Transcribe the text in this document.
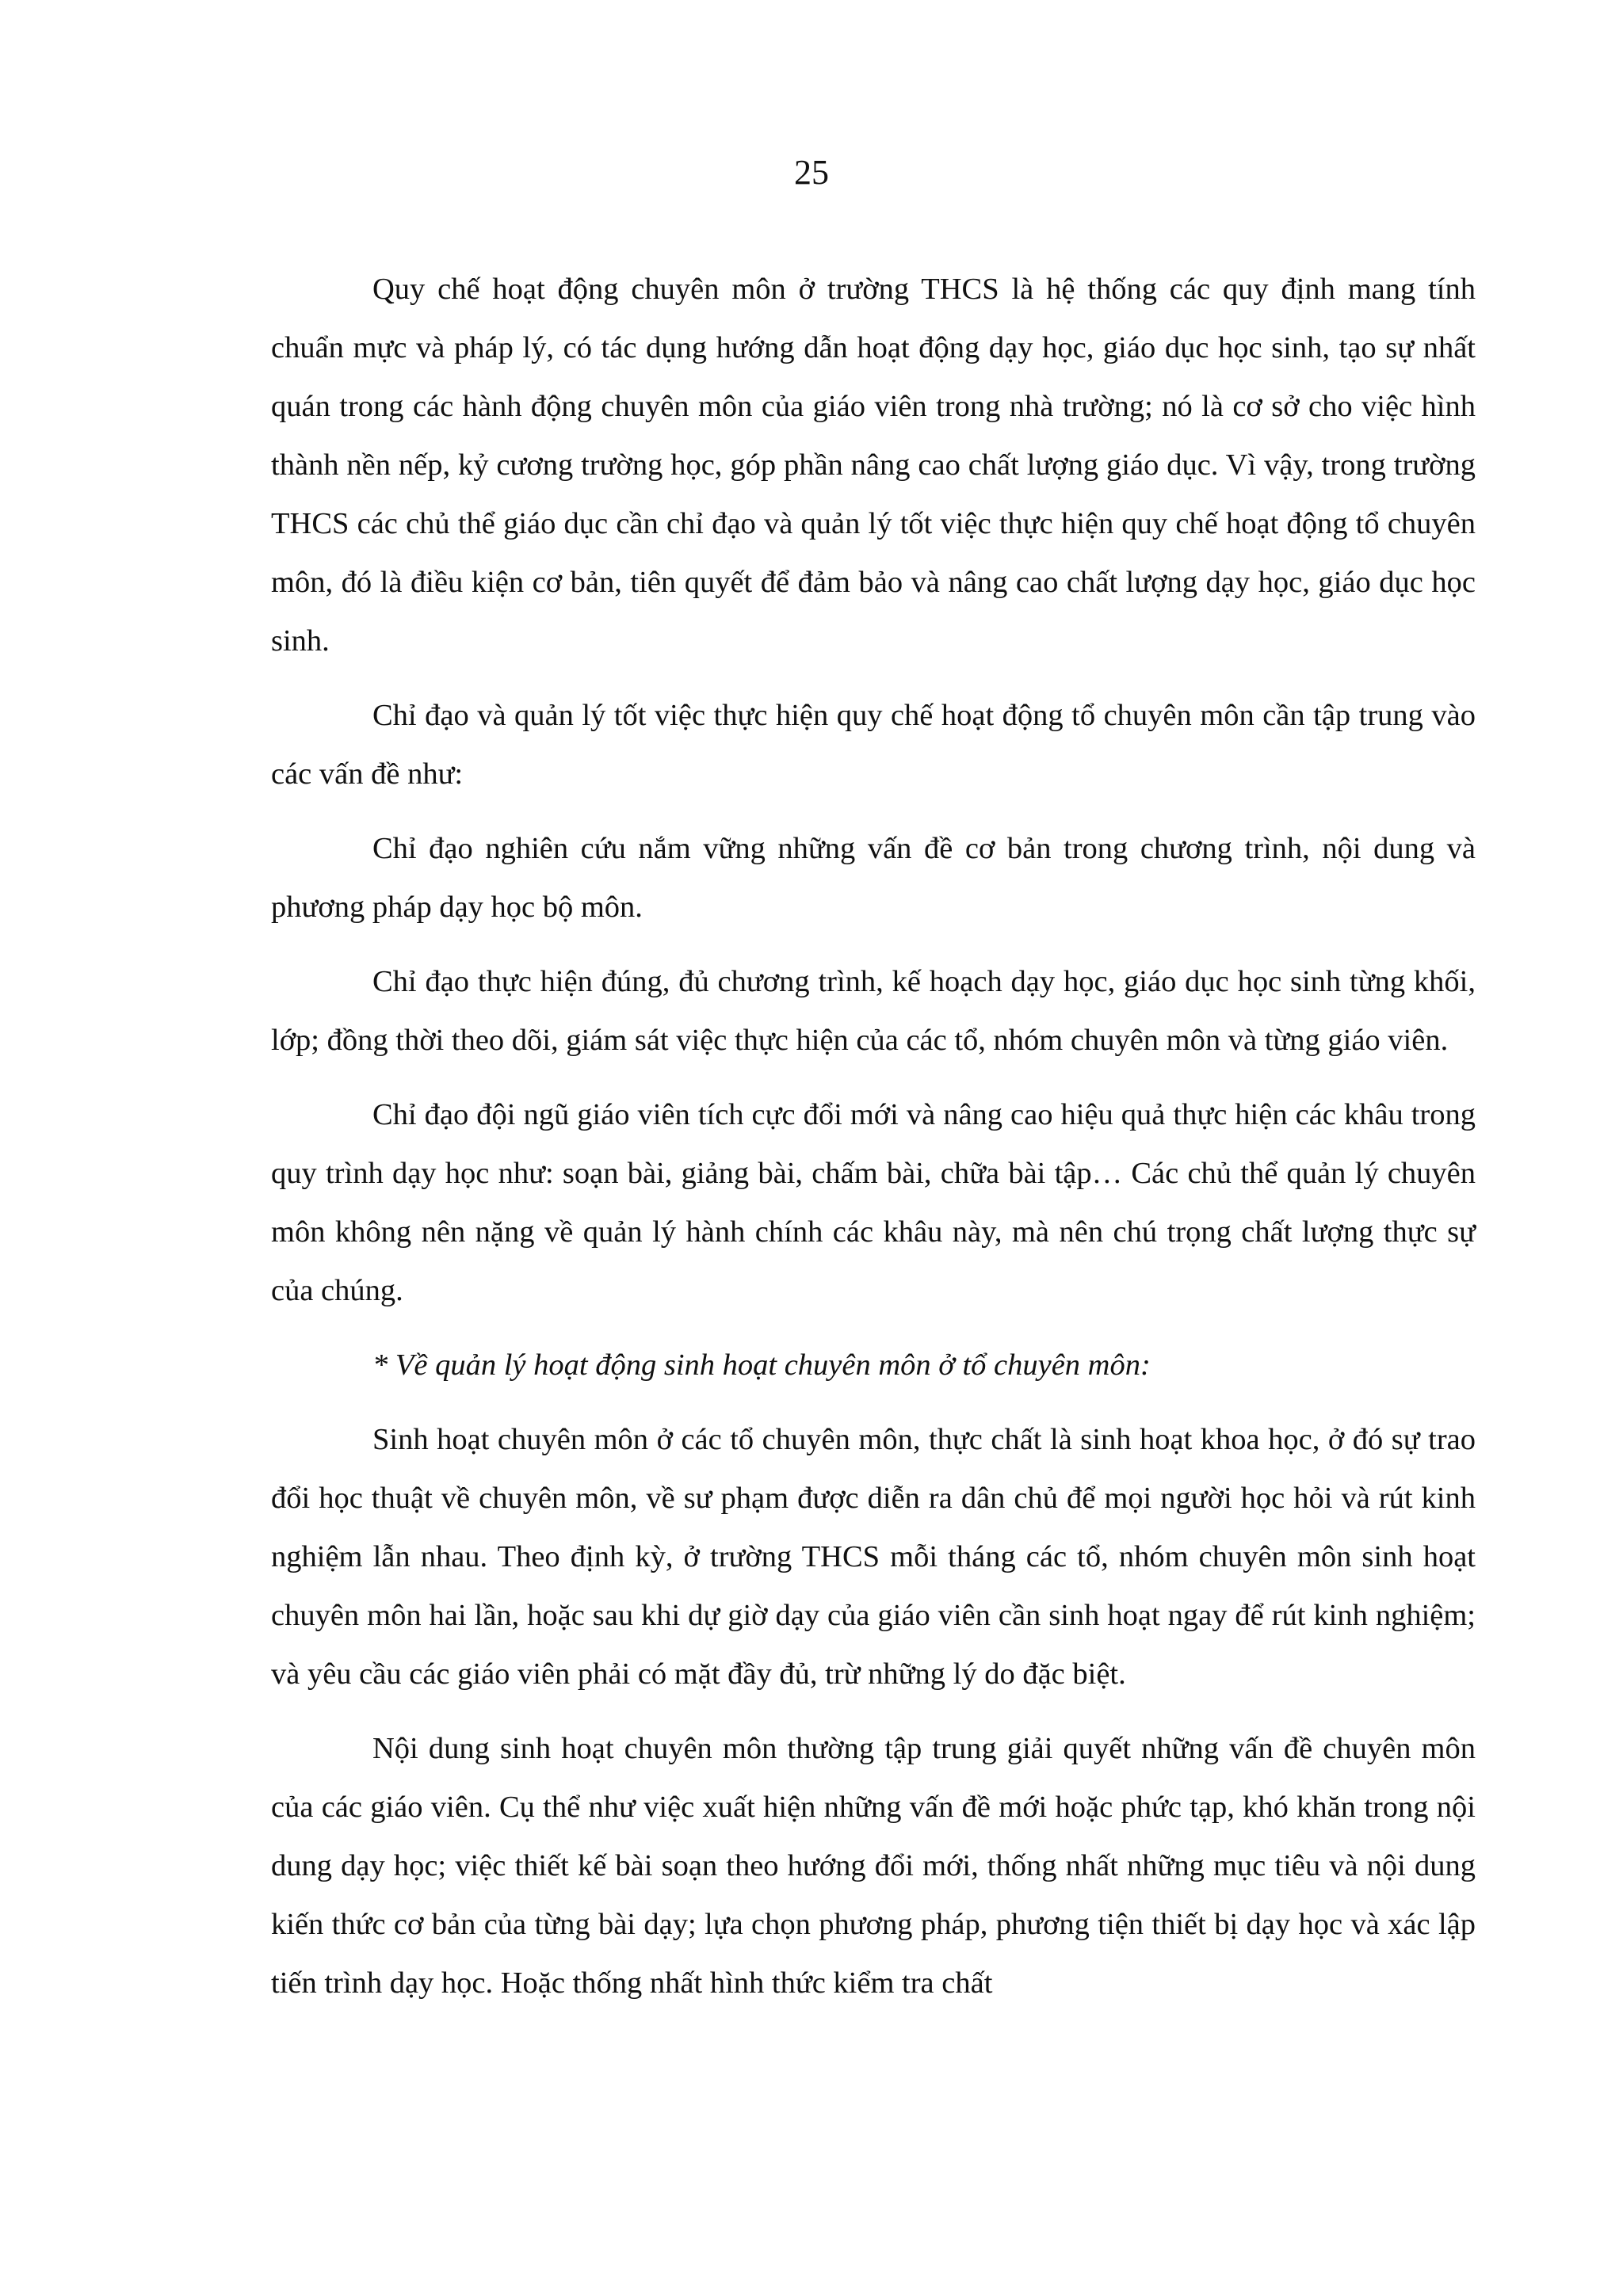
25

Quy chế hoạt động chuyên môn ở trường THCS là hệ thống các quy định mang tính chuẩn mực và pháp lý, có tác dụng hướng dẫn hoạt động dạy học, giáo dục học sinh, tạo sự nhất quán trong các hành động chuyên môn của giáo viên trong nhà trường; nó là cơ sở cho việc hình thành nền nếp, kỷ cương trường học, góp phần nâng cao chất lượng giáo dục. Vì vậy, trong trường THCS các chủ thể giáo dục cần chỉ đạo và quản lý tốt việc thực hiện quy chế hoạt động tổ chuyên môn, đó là điều kiện cơ bản, tiên quyết để đảm bảo và nâng cao chất lượng dạy học, giáo dục học sinh.

Chỉ đạo và quản lý tốt việc thực hiện quy chế hoạt động tổ chuyên môn cần tập trung vào các vấn đề như:

Chỉ đạo nghiên cứu nắm vững những vấn đề cơ bản trong chương trình, nội dung và phương pháp dạy học bộ môn.

Chỉ đạo thực hiện đúng, đủ chương trình, kế hoạch dạy học, giáo dục học sinh từng khối, lớp; đồng thời theo dõi, giám sát việc thực hiện của các tổ, nhóm chuyên môn và từng giáo viên.

Chỉ đạo đội ngũ giáo viên tích cực đổi mới và nâng cao hiệu quả thực hiện các khâu trong quy trình dạy học như: soạn bài, giảng bài, chấm bài, chữa bài tập… Các chủ thể quản lý chuyên môn không nên nặng về quản lý hành chính các khâu này, mà nên chú trọng chất lượng thực sự của chúng.

* Về quản lý hoạt động sinh hoạt chuyên môn ở tổ chuyên môn:

Sinh hoạt chuyên môn ở các tổ chuyên môn, thực chất là sinh hoạt khoa học, ở đó sự trao đổi học thuật về chuyên môn, về sư phạm được diễn ra dân chủ để mọi người học hỏi và rút kinh nghiệm lẫn nhau. Theo định kỳ, ở trường THCS mỗi tháng các tổ, nhóm chuyên môn sinh hoạt chuyên môn hai lần, hoặc sau khi dự giờ dạy của giáo viên cần sinh hoạt ngay để rút kinh nghiệm; và yêu cầu các giáo viên phải có mặt đầy đủ, trừ những lý do đặc biệt.

Nội dung sinh hoạt chuyên môn thường tập trung giải quyết những vấn đề chuyên môn của các giáo viên. Cụ thể như việc xuất hiện những vấn đề mới hoặc phức tạp, khó khăn trong nội dung dạy học; việc thiết kế bài soạn theo hướng đổi mới, thống nhất những mục tiêu và nội dung kiến thức cơ bản của từng bài dạy; lựa chọn phương pháp, phương tiện thiết bị dạy học và xác lập tiến trình dạy học. Hoặc thống nhất hình thức kiểm tra chất
